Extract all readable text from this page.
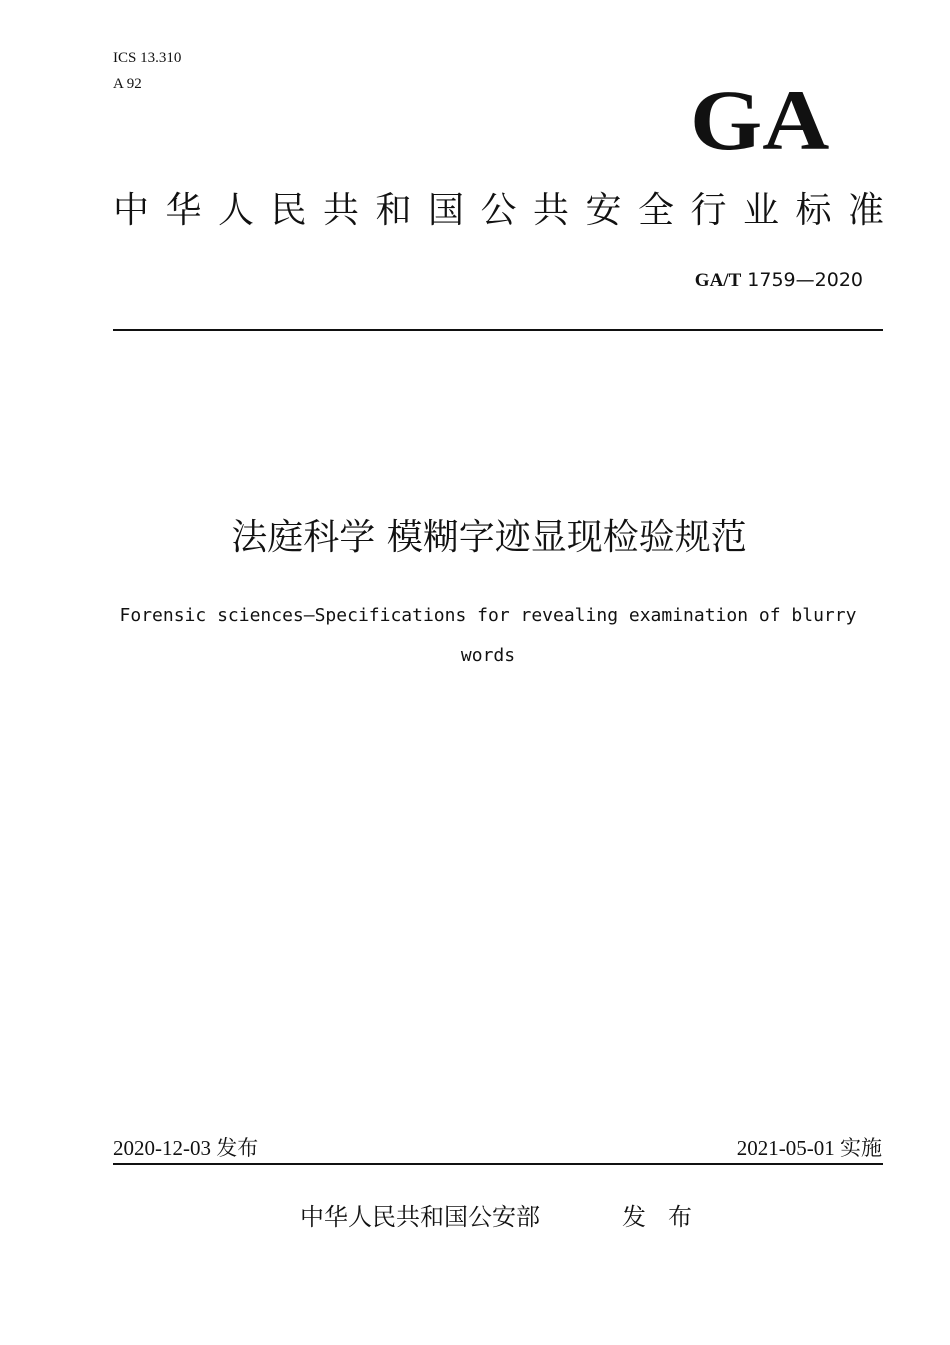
ICS 13.310
A 92	GA
中华人民共和国公共安全行业标准
GA/T 1759—2020
法庭科学 模糊字迹显现检验规范
Forensic sciences—Specifications for revealing examination of blurry words
2020-12-03 发布	2021-05-01 实施
中华人民共和国公安部	发布
